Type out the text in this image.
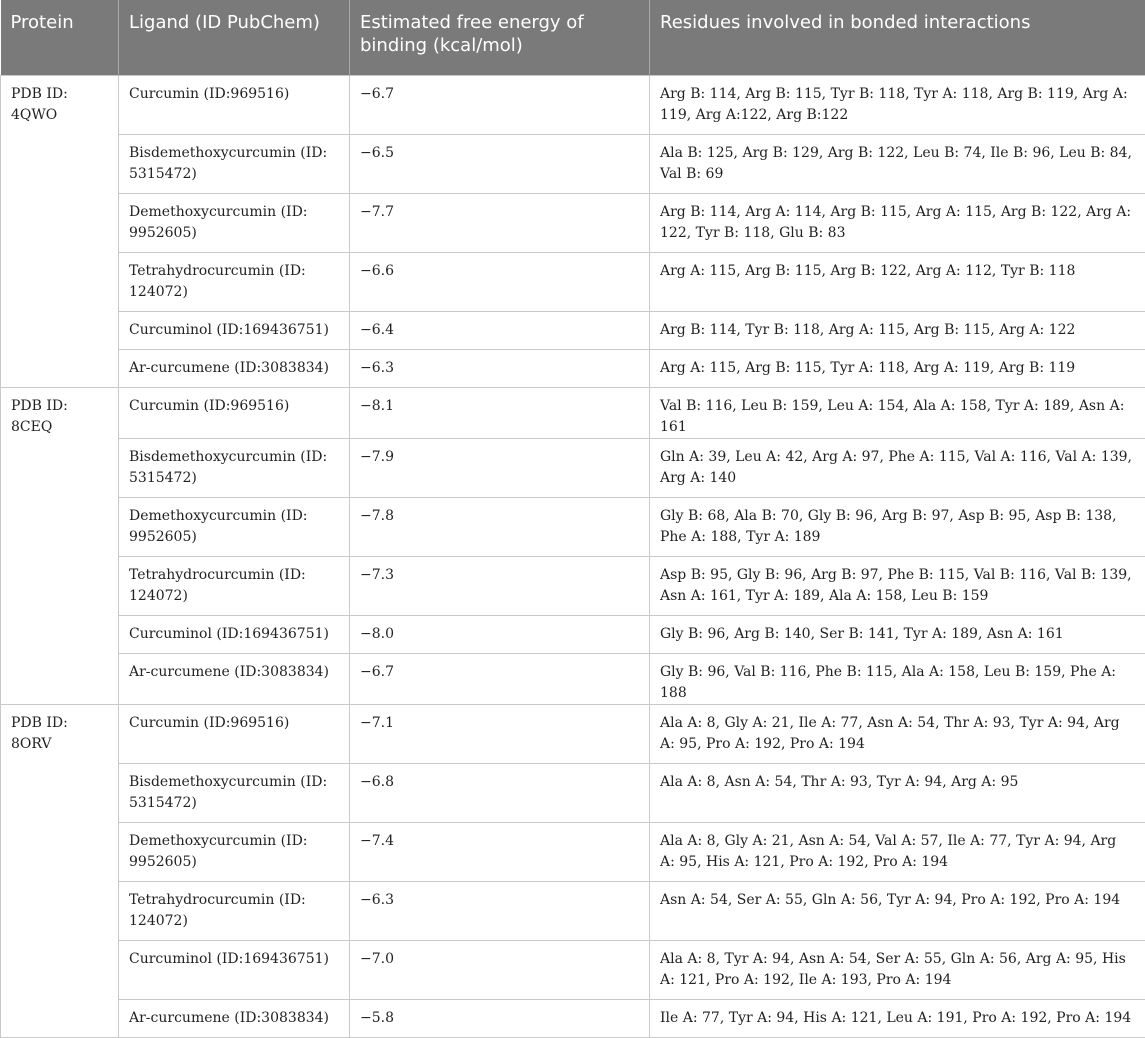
Protein	Ligand (ID PubChem)	Estimated free energy of binding (kcal/mol)	Residues involved in bonded interactions
PDB ID: 4QWO	Curcumin (ID:969516)	−6.7	Arg B: 114, Arg B: 115, Tyr B: 118, Tyr A: 118, Arg B: 119, Arg A: 119, Arg A:122, Arg B:122
	Bisdemethoxycurcumin (ID: 5315472)	−6.5	Ala B: 125, Arg B: 129, Arg B: 122, Leu B: 74, Ile B: 96, Leu B: 84, Val B: 69
	Demethoxycurcumin (ID: 9952605)	−7.7	Arg B: 114, Arg A: 114, Arg B: 115, Arg A: 115, Arg B: 122, Arg A: 122, Tyr B: 118, Glu B: 83
	Tetrahydrocurcumin (ID: 124072)	−6.6	Arg A: 115, Arg B: 115, Arg B: 122, Arg A: 112, Tyr B: 118
	Curcuminol (ID:169436751)	−6.4	Arg B: 114, Tyr B: 118, Arg A: 115, Arg B: 115, Arg A: 122
	Ar-curcumene (ID:3083834)	−6.3	Arg A: 115, Arg B: 115, Tyr A: 118, Arg A: 119, Arg B: 119
PDB ID: 8CEQ	Curcumin (ID:969516)	−8.1	Val B: 116, Leu B: 159, Leu A: 154, Ala A: 158, Tyr A: 189, Asn A: 161
	Bisdemethoxycurcumin (ID: 5315472)	−7.9	Gln A: 39, Leu A: 42, Arg A: 97, Phe A: 115, Val A: 116, Val A: 139, Arg A: 140
	Demethoxycurcumin (ID: 9952605)	−7.8	Gly B: 68, Ala B: 70, Gly B: 96, Arg B: 97, Asp B: 95, Asp B: 138, Phe A: 188, Tyr A: 189
	Tetrahydrocurcumin (ID: 124072)	−7.3	Asp B: 95, Gly B: 96, Arg B: 97, Phe B: 115, Val B: 116, Val B: 139, Asn A: 161, Tyr A: 189, Ala A: 158, Leu B: 159
	Curcuminol (ID:169436751)	−8.0	Gly B: 96, Arg B: 140, Ser B: 141, Tyr A: 189, Asn A: 161
	Ar-curcumene (ID:3083834)	−6.7	Gly B: 96, Val B: 116, Phe B: 115, Ala A: 158, Leu B: 159, Phe A: 188
PDB ID: 8ORV	Curcumin (ID:969516)	−7.1	Ala A: 8, Gly A: 21, Ile A: 77, Asn A: 54, Thr A: 93, Tyr A: 94, Arg A: 95, Pro A: 192, Pro A: 194
	Bisdemethoxycurcumin (ID: 5315472)	−6.8	Ala A: 8, Asn A: 54, Thr A: 93, Tyr A: 94, Arg A: 95
	Demethoxycurcumin (ID: 9952605)	−7.4	Ala A: 8, Gly A: 21, Asn A: 54, Val A: 57, Ile A: 77, Tyr A: 94, Arg A: 95, His A: 121, Pro A: 192, Pro A: 194
	Tetrahydrocurcumin (ID: 124072)	−6.3	Asn A: 54, Ser A: 55, Gln A: 56, Tyr A: 94, Pro A: 192, Pro A: 194
	Curcuminol (ID:169436751)	−7.0	Ala A: 8, Tyr A: 94, Asn A: 54, Ser A: 55, Gln A: 56, Arg A: 95, His A: 121, Pro A: 192, Ile A: 193, Pro A: 194
	Ar-curcumene (ID:3083834)	−5.8	Ile A: 77, Tyr A: 94, His A: 121, Leu A: 191, Pro A: 192, Pro A: 194
